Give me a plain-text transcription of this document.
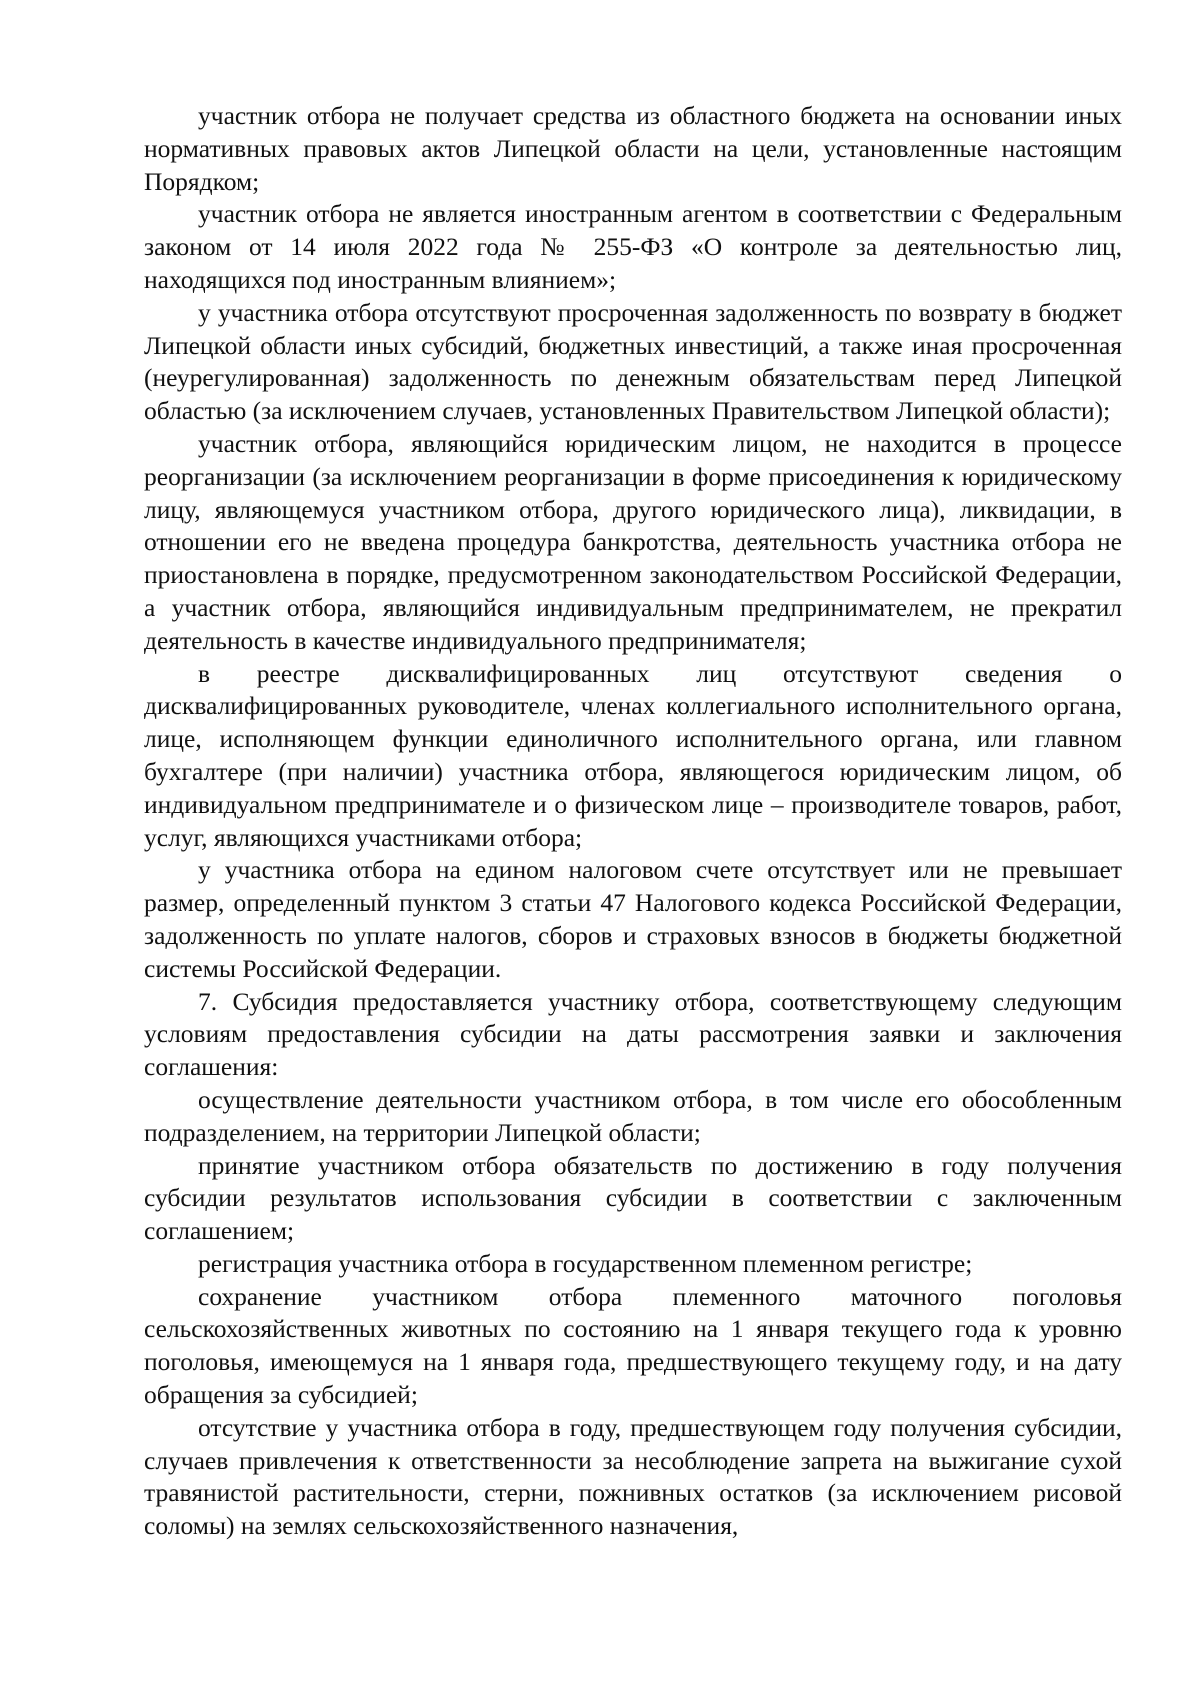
участник отбора не получает средства из областного бюджета на основании иных нормативных правовых актов Липецкой области на цели, установленные настоящим Порядком;

участник отбора не является иностранным агентом в соответствии с Федеральным законом от 14 июля 2022 года № 255-ФЗ «О контроле за деятельностью лиц, находящихся под иностранным влиянием»;

у участника отбора отсутствуют просроченная задолженность по возврату в бюджет Липецкой области иных субсидий, бюджетных инвестиций, а также иная просроченная (неурегулированная) задолженность по денежным обязательствам перед Липецкой областью (за исключением случаев, установленных Правительством Липецкой области);

участник отбора, являющийся юридическим лицом, не находится в процессе реорганизации (за исключением реорганизации в форме присоединения к юридическому лицу, являющемуся участником отбора, другого юридического лица), ликвидации, в отношении его не введена процедура банкротства, деятельность участника отбора не приостановлена в порядке, предусмотренном законодательством Российской Федерации, а участник отбора, являющийся индивидуальным предпринимателем, не прекратил деятельность в качестве индивидуального предпринимателя;

в реестре дисквалифицированных лиц отсутствуют сведения о дисквалифицированных руководителе, членах коллегиального исполнительного органа, лице, исполняющем функции единоличного исполнительного органа, или главном бухгалтере (при наличии) участника отбора, являющегося юридическим лицом, об индивидуальном предпринимателе и о физическом лице – производителе товаров, работ, услуг, являющихся участниками отбора;

у участника отбора на едином налоговом счете отсутствует или не превышает размер, определенный пунктом 3 статьи 47 Налогового кодекса Российской Федерации, задолженность по уплате налогов, сборов и страховых взносов в бюджеты бюджетной системы Российской Федерации.

7. Субсидия предоставляется участнику отбора, соответствующему следующим условиям предоставления субсидии на даты рассмотрения заявки и заключения соглашения:

осуществление деятельности участником отбора, в том числе его обособленным подразделением, на территории Липецкой области;

принятие участником отбора обязательств по достижению в году получения субсидии результатов использования субсидии в соответствии с заключенным соглашением;

регистрация участника отбора в государственном племенном регистре;

сохранение участником отбора племенного маточного поголовья сельскохозяйственных животных по состоянию на 1 января текущего года к уровню поголовья, имеющемуся на 1 января года, предшествующего текущему году, и на дату обращения за субсидией;

отсутствие у участника отбора в году, предшествующем году получения субсидии, случаев привлечения к ответственности за несоблюдение запрета на выжигание сухой травянистой растительности, стерни, пожнивных остатков (за исключением рисовой соломы) на землях сельскохозяйственного назначения,
